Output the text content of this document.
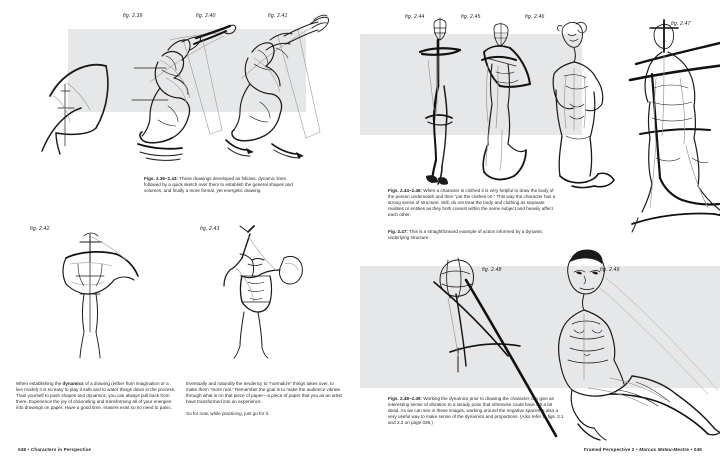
fig. 2.39	fig. 2.40	fig. 2.41

Figs. 2.39–2.43: These drawings developed as follows: dynamic lines followed by a quick sketch over them to establish the general shapes and volumes, and finally a more formal, yet energetic drawing.

fig. 2.42	fig. 2.43

When establishing the dynamics of a drawing (either from imagination or a live model) it is so easy to play it safe and to water things down in the process. Train yourself to push shapes and dynamics; you can always pull back from there. Experience the joy of channeling and transforming all of your energies into drawings on paper. Have a good time, erasers exist so no need to panic.

Eventually and naturally the tendency to “normalize” things takes over, to make them “more real.” Remember the goal is to make the audience vibrate through what is on that piece of paper—a piece of paper that you as an artist have transformed into an experience.

So for now, while practicing, just go for it.

048 • Characters in Perspective
fig. 2.44	fig. 2.45	fig. 2.46
fig. 2.47

Figs. 2.44–2.46: When a character is clothed it is very helpful to draw the body of the person underneath and then “put the clothes on.” This way the character has a strong sense of structure. Still, do not treat the body and clothing as separate realities or entities as they both coexist within the same subject and heavily affect each other.

Fig. 2.47: This is a straightforward example of action informed by a dynamic underlying structure.

fig. 2.48	fig. 2.49

Figs. 2.48–2.49: Working the dynamics prior to drawing the character can give an interesting sense of vibration to a steady pose that otherwise could have felt a bit dead. As we can see in these images, working around the negative spaces is also a very useful way to make sense of the dynamics and proportions. (Also refer to figs. 2.1 and 2.2 on page 036.)

Framed Perspective 2 • Marcos Mateu-Mestre • 049
